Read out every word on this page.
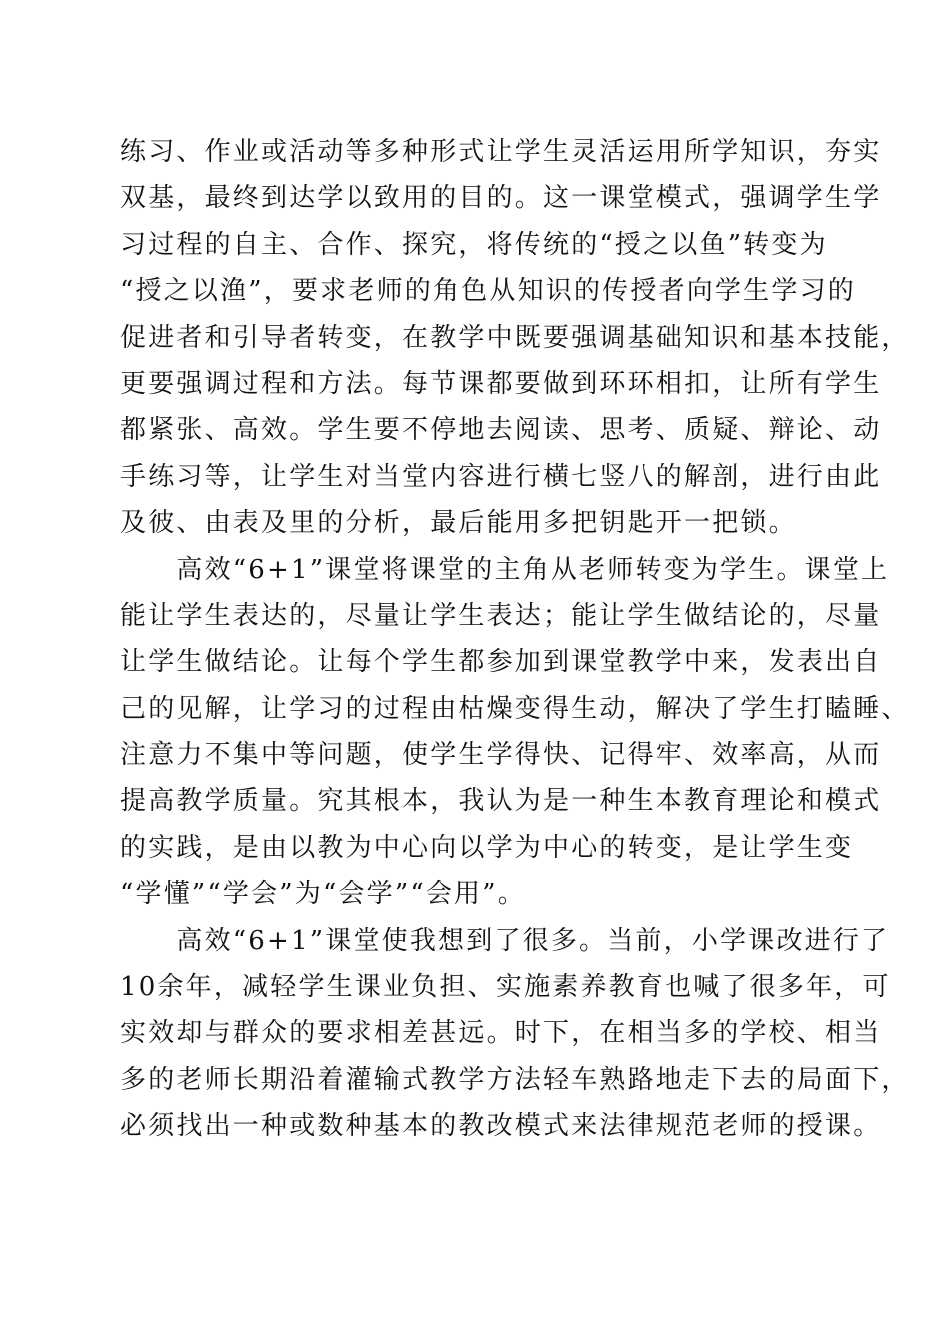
练习、作业或活动等多种形式让学生灵活运用所学知识，夯实
双基，最终到达学以致用的目的。这一课堂模式，强调学生学
习过程的自主、合作、探究，将传统的“授之以鱼”转变为
“授之以渔”，要求老师的角色从知识的传授者向学生学习的
促进者和引导者转变，在教学中既要强调基础知识和基本技能，
更要强调过程和方法。每节课都要做到环环相扣，让所有学生
都紧张、高效。学生要不停地去阅读、思考、质疑、辩论、动
手练习等，让学生对当堂内容进行横七竖八的解剖，进行由此
及彼、由表及里的分析，最后能用多把钥匙开一把锁。
　　高效“6+1”课堂将课堂的主角从老师转变为学生。课堂上
能让学生表达的，尽量让学生表达；能让学生做结论的，尽量
让学生做结论。让每个学生都参加到课堂教学中来，发表出自
己的见解，让学习的过程由枯燥变得生动，解决了学生打瞌睡、
注意力不集中等问题，使学生学得快、记得牢、效率高，从而
提高教学质量。究其根本，我认为是一种生本教育理论和模式
的实践，是由以教为中心向以学为中心的转变，是让学生变
“学懂”“学会”为“会学”“会用”。
　　高效“6+1”课堂使我想到了很多。当前，小学课改进行了
10余年，减轻学生课业负担、实施素养教育也喊了很多年，可
实效却与群众的要求相差甚远。时下，在相当多的学校、相当
多的老师长期沿着灌输式教学方法轻车熟路地走下去的局面下，
必须找出一种或数种基本的教改模式来法律规范老师的授课。
